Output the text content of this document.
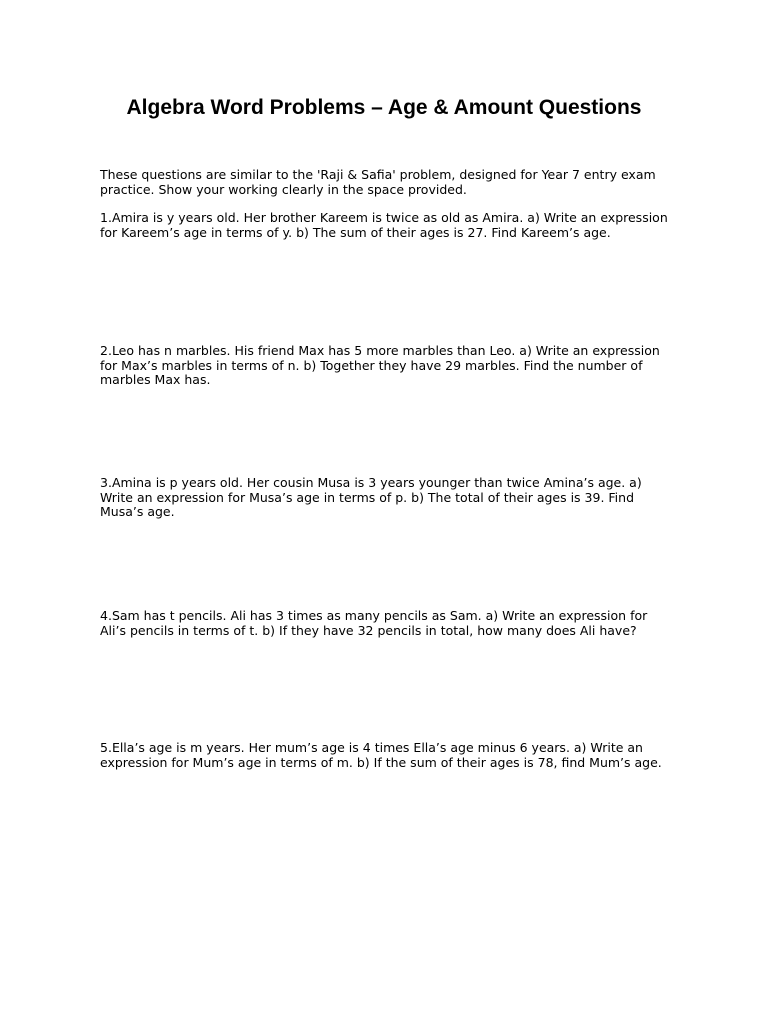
Algebra Word Problems – Age & Amount Questions

These questions are similar to the 'Raji & Safia' problem, designed for Year 7 entry exam practice. Show your working clearly in the space provided.

1.Amira is y years old. Her brother Kareem is twice as old as Amira. a) Write an expression for Kareem’s age in terms of y. b) The sum of their ages is 27. Find Kareem’s age.

2.Leo has n marbles. His friend Max has 5 more marbles than Leo. a) Write an expression for Max’s marbles in terms of n. b) Together they have 29 marbles. Find the number of marbles Max has.

3.Amina is p years old. Her cousin Musa is 3 years younger than twice Amina’s age. a) Write an expression for Musa’s age in terms of p. b) The total of their ages is 39. Find Musa’s age.

4.Sam has t pencils. Ali has 3 times as many pencils as Sam. a) Write an expression for Ali’s pencils in terms of t. b) If they have 32 pencils in total, how many does Ali have?

5.Ella’s age is m years. Her mum’s age is 4 times Ella’s age minus 6 years. a) Write an expression for Mum’s age in terms of m. b) If the sum of their ages is 78, find Mum’s age.
